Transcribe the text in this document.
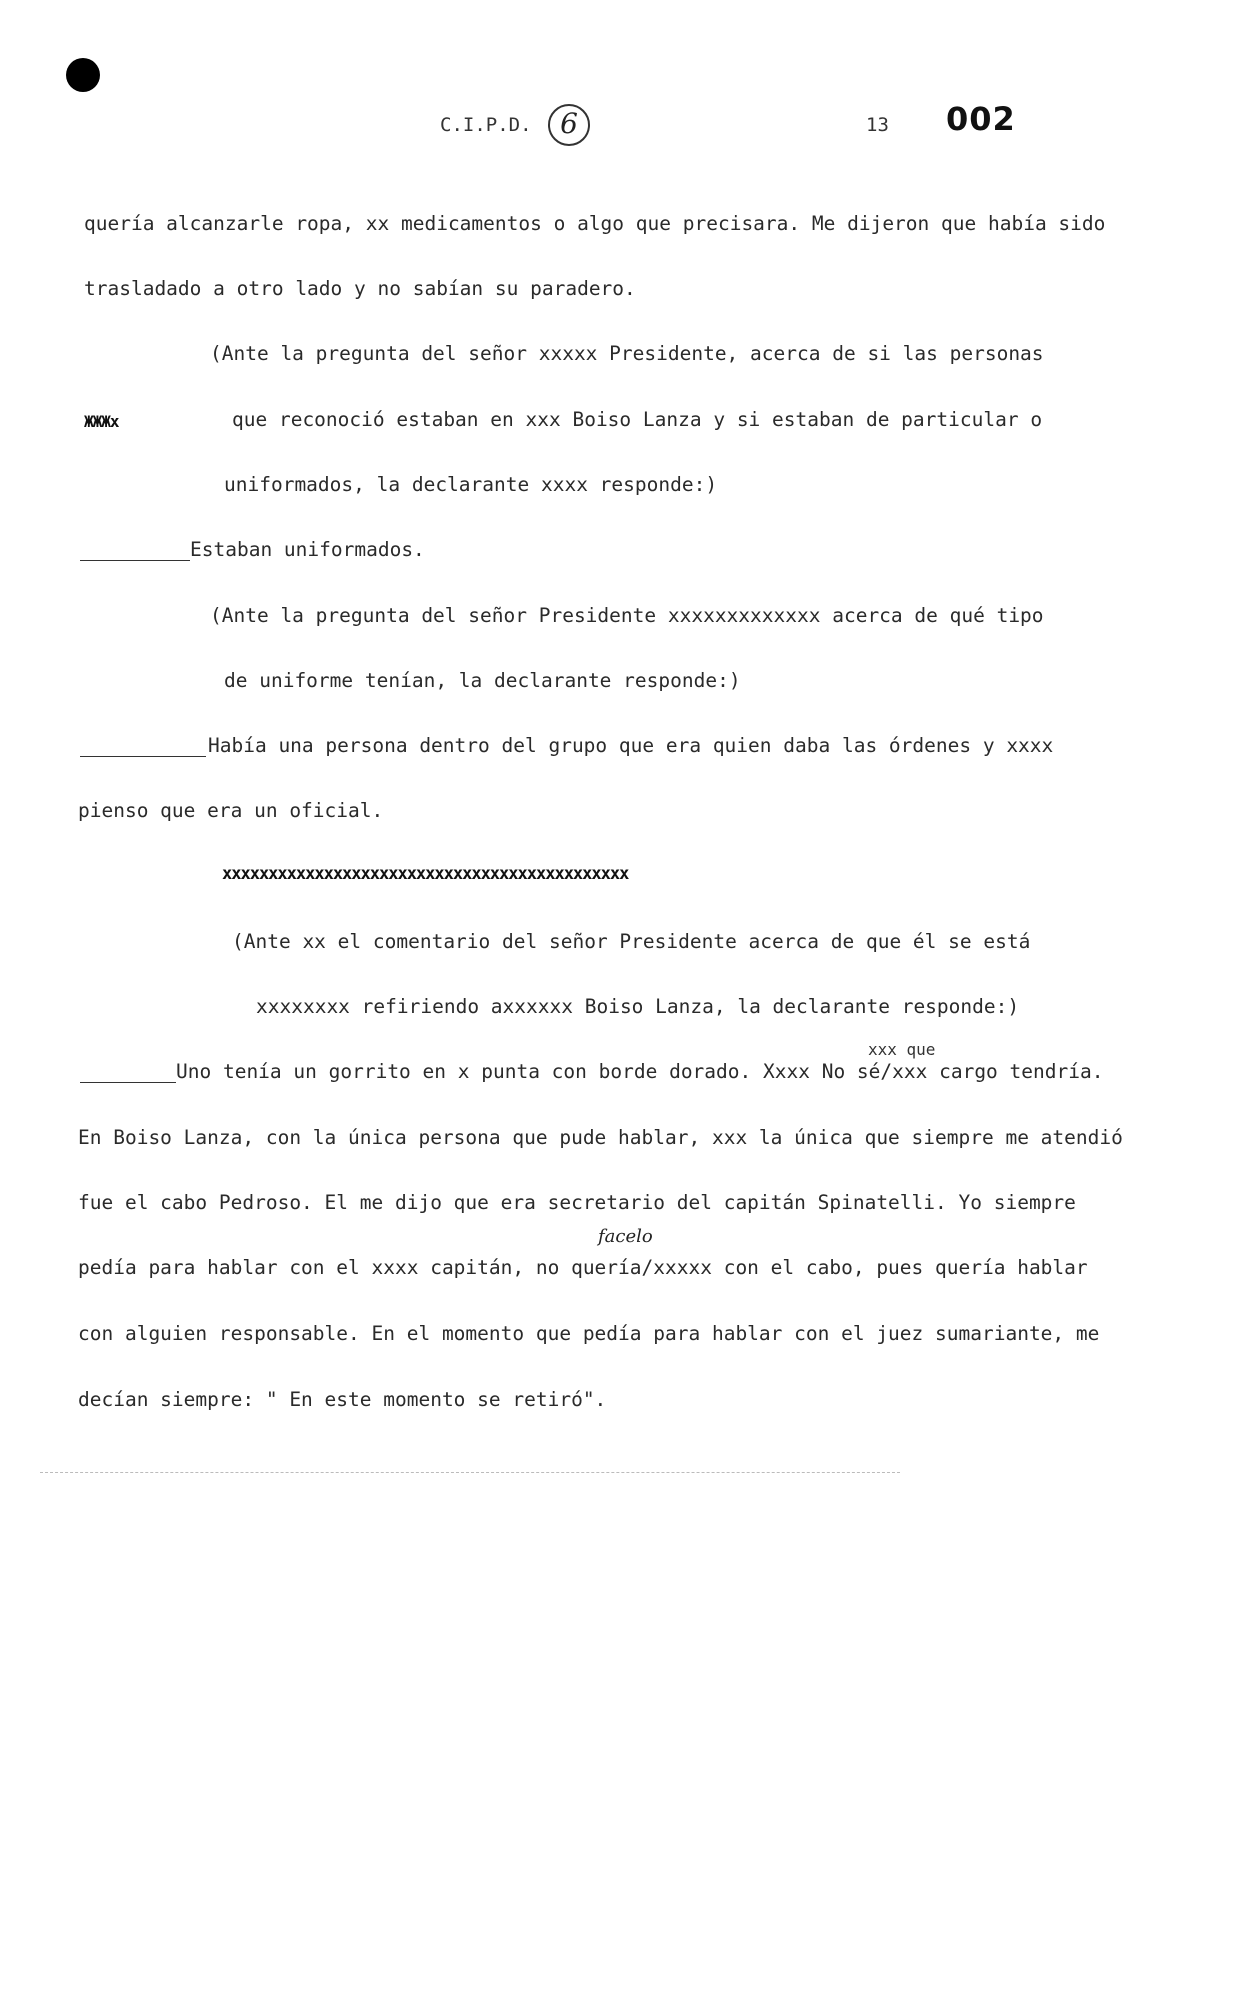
C.I.P.D.	6	13 002
ЖЖЖx
quería alcanzarle ropa, xx medicamentos o algo que precisara. Me dijeron que había sido
trasladado a otro lado y no sabían su paradero.
(Ante la pregunta del señor xxxxx Presidente, acerca de si las personas
que reconoció estaban en xxx Boiso Lanza y si estaban de particular o
uniformados, la declarante xxxx responde:)
Estaban uniformados.
(Ante la pregunta del señor Presidente xxxxxxxxxxxxx acerca de qué tipo
de uniforme tenían, la declarante responde:)
Había una persona dentro del grupo que era quien daba las órdenes y xxxx
pienso que era un oficial.
xxxxxxxxxxxxxxxxxxxxxxxxxxxxxxxxxxxxxxxxxxxx
(Ante xx el comentario del señor Presidente acerca de que él se está
xxxxxxxx refiriendo axxxxxx Boiso Lanza, la declarante responde:)
xxx que
Uno tenía un gorrito en x punta con borde dorado. Xxxx No sé/xxx cargo tendría.
En Boiso Lanza, con la única persona que pude hablar, xxx la única que siempre me atendió
fue el cabo Pedroso. El me dijo que era secretario del capitán Spinatelli. Yo siempre
facelo
pedía para hablar con el xxxx capitán, no quería/xxxxx con el cabo, pues quería hablar
con alguien responsable. En el momento que pedía para hablar con el juez sumariante, me
decían siempre: " En este momento se retiró".
